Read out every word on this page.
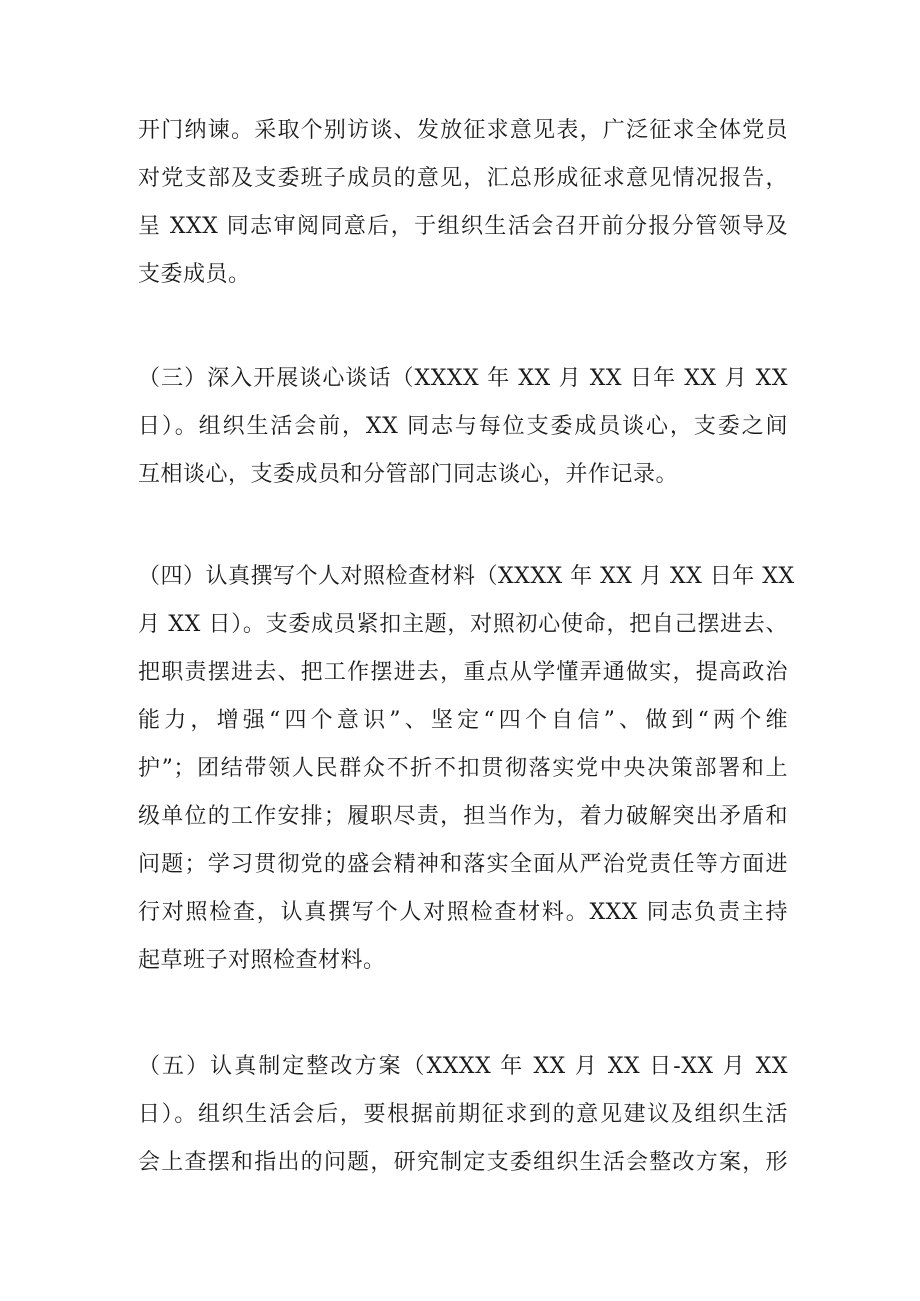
开门纳谏。采取个别访谈、发放征求意见表，广泛征求全体党员
对党支部及支委班子成员的意见，汇总形成征求意见情况报告，
呈 XXX 同志审阅同意后，于组织生活会召开前分报分管领导及
支委成员。
（三）深入开展谈心谈话（XXXX 年 XX 月 XX 日年 XX 月 XX
日）。组织生活会前，XX 同志与每位支委成员谈心，支委之间
互相谈心，支委成员和分管部门同志谈心，并作记录。
（四）认真撰写个人对照检查材料（XXXX 年 XX 月 XX 日年 XX
月 XX 日）。支委成员紧扣主题，对照初心使命，把自己摆进去、
把职责摆进去、把工作摆进去，重点从学懂弄通做实，提高政治
能力，增强“四个意识”、坚定“四个自信”、做到“两个维
护”；团结带领人民群众不折不扣贯彻落实党中央决策部署和上
级单位的工作安排；履职尽责，担当作为，着力破解突出矛盾和
问题；学习贯彻党的盛会精神和落实全面从严治党责任等方面进
行对照检查，认真撰写个人对照检查材料。XXX 同志负责主持
起草班子对照检查材料。
（五）认真制定整改方案（XXXX 年 XX 月 XX 日-XX 月 XX
日）。组织生活会后，要根据前期征求到的意见建议及组织生活
会上查摆和指出的问题，研究制定支委组织生活会整改方案，形
